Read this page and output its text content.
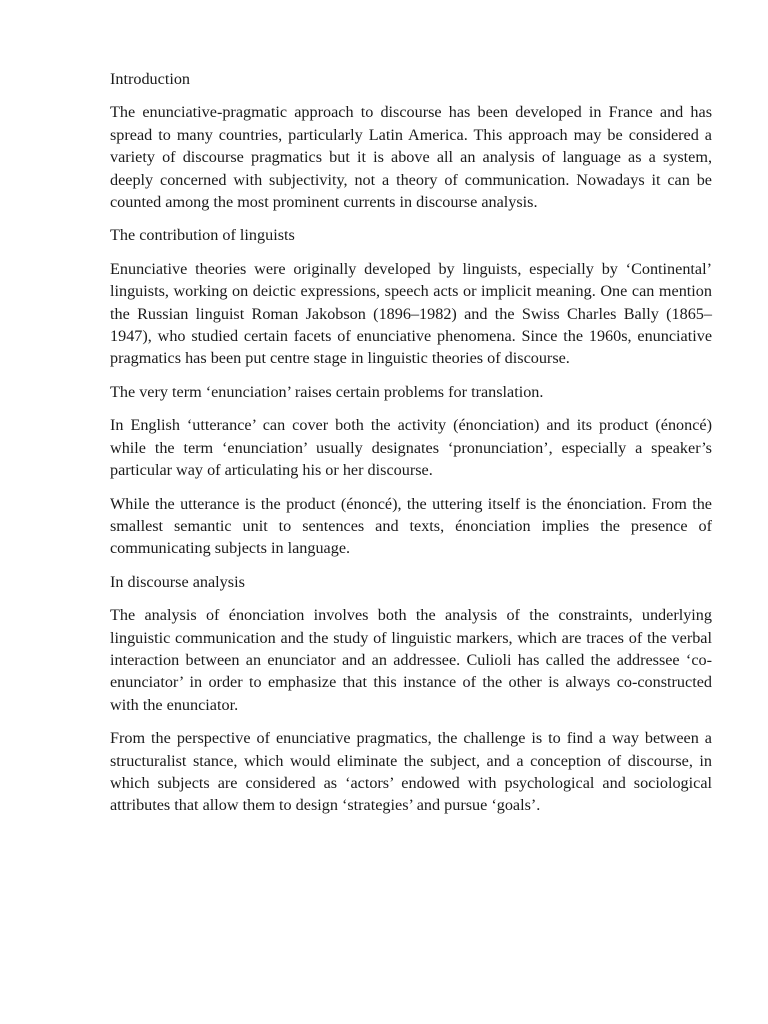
Introduction

The enunciative-pragmatic approach to discourse has been developed in France and has spread to many countries, particularly Latin America. This approach may be considered a variety of discourse pragmatics but it is above all an analysis of language as a system, deeply concerned with subjectivity, not a theory of communication. Nowadays it can be counted among the most prominent currents in discourse analysis.

The contribution of linguists

Enunciative theories were originally developed by linguists, especially by ‘Continental’ linguists, working on deictic expressions, speech acts or implicit meaning. One can mention the Russian linguist Roman Jakobson (1896–1982) and the Swiss Charles Bally (1865–1947), who studied certain facets of enunciative phenomena. Since the 1960s, enunciative pragmatics has been put centre stage in linguistic theories of discourse.

The very term ‘enunciation’ raises certain problems for translation.

In English ‘utterance’ can cover both the activity (énonciation) and its product (énoncé) while the term ‘enunciation’ usually designates ‘pronunciation’, especially a speaker’s particular way of articulating his or her discourse.

While the utterance is the product (énoncé), the uttering itself is the énonciation. From the smallest semantic unit to sentences and texts, énonciation implies the presence of communicating subjects in language.

In discourse analysis

The analysis of énonciation involves both the analysis of the constraints, underlying linguistic communication and the study of linguistic markers, which are traces of the verbal interaction between an enunciator and an addressee. Culioli has called the addressee ‘co-enunciator’ in order to emphasize that this instance of the other is always co-constructed with the enunciator.

From the perspective of enunciative pragmatics, the challenge is to find a way between a structuralist stance, which would eliminate the subject, and a conception of discourse, in which subjects are considered as ‘actors’ endowed with psychological and sociological attributes that allow them to design ‘strategies’ and pursue ‘goals’.
